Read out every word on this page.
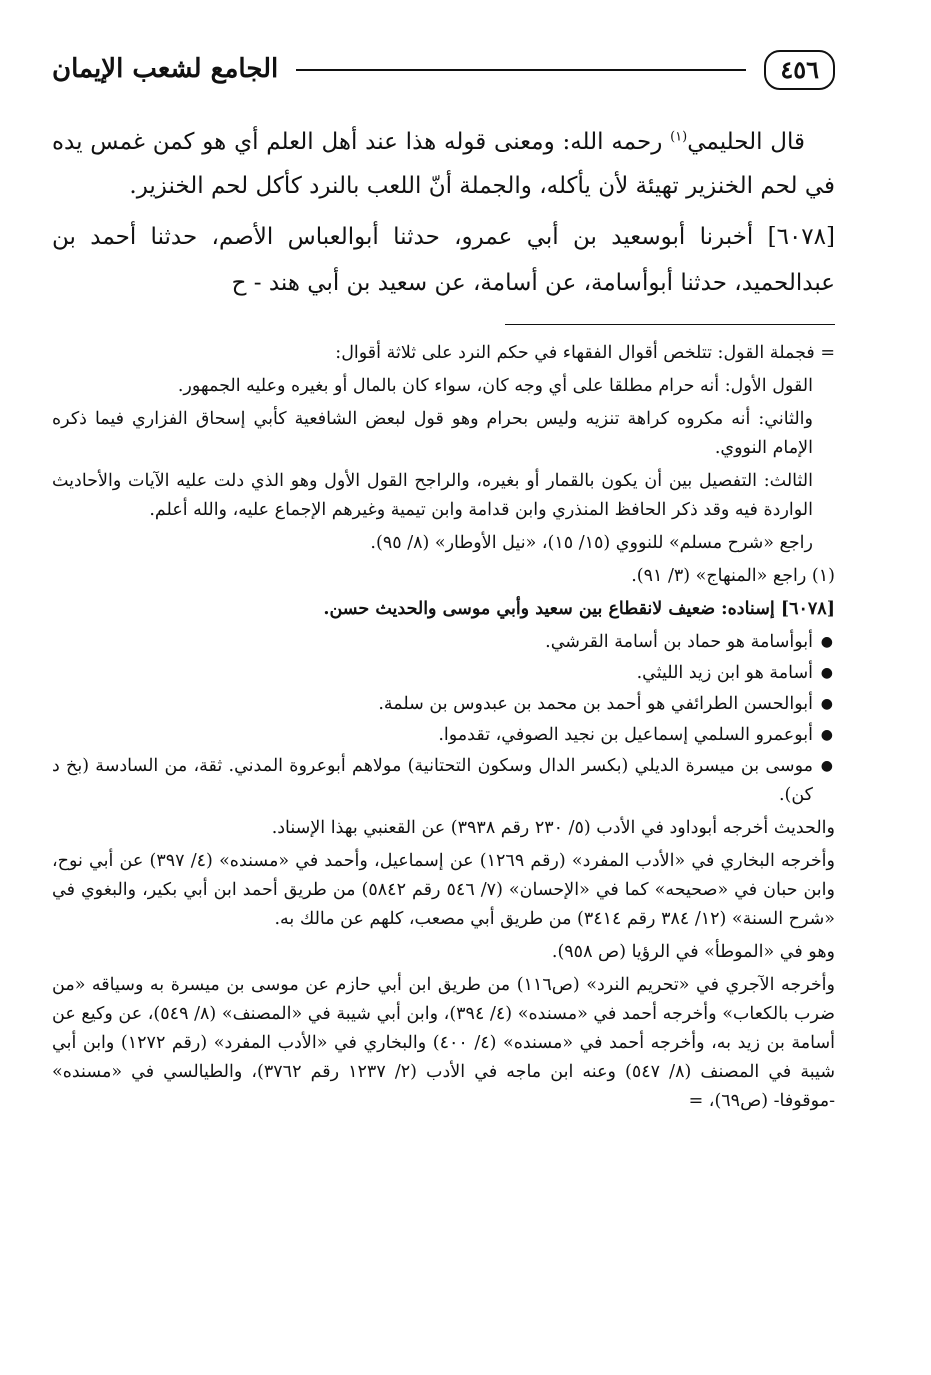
٤٥٦
الجامع لشعب الإيمان

قال الحليمي$^{(١)}$ رحمه الله: ومعنى قوله هذا عند أهل العلم أي هو كمن غمس يده في لحم الخنزير تهيئة لأن يأكله، والجملة أنّ اللعب بالنرد كأكل لحم الخنزير.

[٦٠٧٨] أخبرنا أبوسعيد بن أبي عمرو، حدثنا أبوالعباس الأصم، حدثنا أحمد بن عبدالحميد، حدثنا أبوأسامة، عن أسامة، عن سعيد بن أبي هند - ح

= فجملة القول: تتلخص أقوال الفقهاء في حكم النرد على ثلاثة أقوال:

القول الأول: أنه حرام مطلقا على أي وجه كان، سواء كان بالمال أو بغيره وعليه الجمهور.

والثاني: أنه مكروه كراهة تنزيه وليس بحرام وهو قول لبعض الشافعية كأبي إسحاق الفزاري فيما ذكره الإمام النووي.

الثالث: التفصيل بين أن يكون بالقمار أو بغيره، والراجح القول الأول وهو الذي دلت عليه الآيات والأحاديث الواردة فيه وقد ذكر الحافظ المنذري وابن قدامة وابن تيمية وغيرهم الإجماع عليه، والله أعلم.

راجع «شرح مسلم» للنووي (١٥/ ١٥)، «نيل الأوطار» (٨/ ٩٥).

(١) راجع «المنهاج» (٣/ ٩١).

[٦٠٧٨] إسناده: ضعيف لانقطاع بين سعيد وأبي موسى والحديث حسن.

●
أبوأسامة هو حماد بن أسامة القرشي.
●
أسامة هو ابن زيد الليثي.
●
أبوالحسن الطرائفي هو أحمد بن محمد بن عبدوس بن سلمة.
●
أبوعمرو السلمي إسماعيل بن نجيد الصوفي، تقدموا.
●
موسى بن ميسرة الديلي (بكسر الدال وسكون التحتانية) مولاهم أبوعروة المدني. ثقة، من السادسة (بخ د كن).

والحديث أخرجه أبوداود في الأدب (٥/ ٢٣٠ رقم ٣٩٣٨) عن القعنبي بهذا الإسناد.

وأخرجه البخاري في «الأدب المفرد» (رقم ١٢٦٩) عن إسماعيل، وأحمد في «مسنده» (٤/ ٣٩٧) عن أبي نوح، وابن حبان في «صحيحه» كما في «الإحسان» (٧/ ٥٤٦ رقم ٥٨٤٢) من طريق أحمد ابن أبي بكير، والبغوي في «شرح السنة» (١٢/ ٣٨٤ رقم ٣٤١٤) من طريق أبي مصعب، كلهم عن مالك به.

وهو في «الموطأ» في الرؤيا (ص ٩٥٨).

وأخرجه الآجري في «تحريم النرد» (ص١١٦) من طريق ابن أبي حازم عن موسى بن ميسرة به وسياقه «من ضرب بالكعاب» وأخرجه أحمد في «مسنده» (٤/ ٣٩٤)، وابن أبي شيبة في «المصنف» (٨/ ٥٤٩)، عن وكيع عن أسامة بن زيد به، وأخرجه أحمد في «مسنده» (٤/ ٤٠٠) والبخاري في «الأدب المفرد» (رقم ١٢٧٢) وابن أبي شيبة في المصنف (٨/ ٥٤٧) وعنه ابن ماجه في الأدب (٢/ ١٢٣٧ رقم ٣٧٦٢)، والطيالسي في «مسنده» -موقوفا- (ص٦٩)، =
